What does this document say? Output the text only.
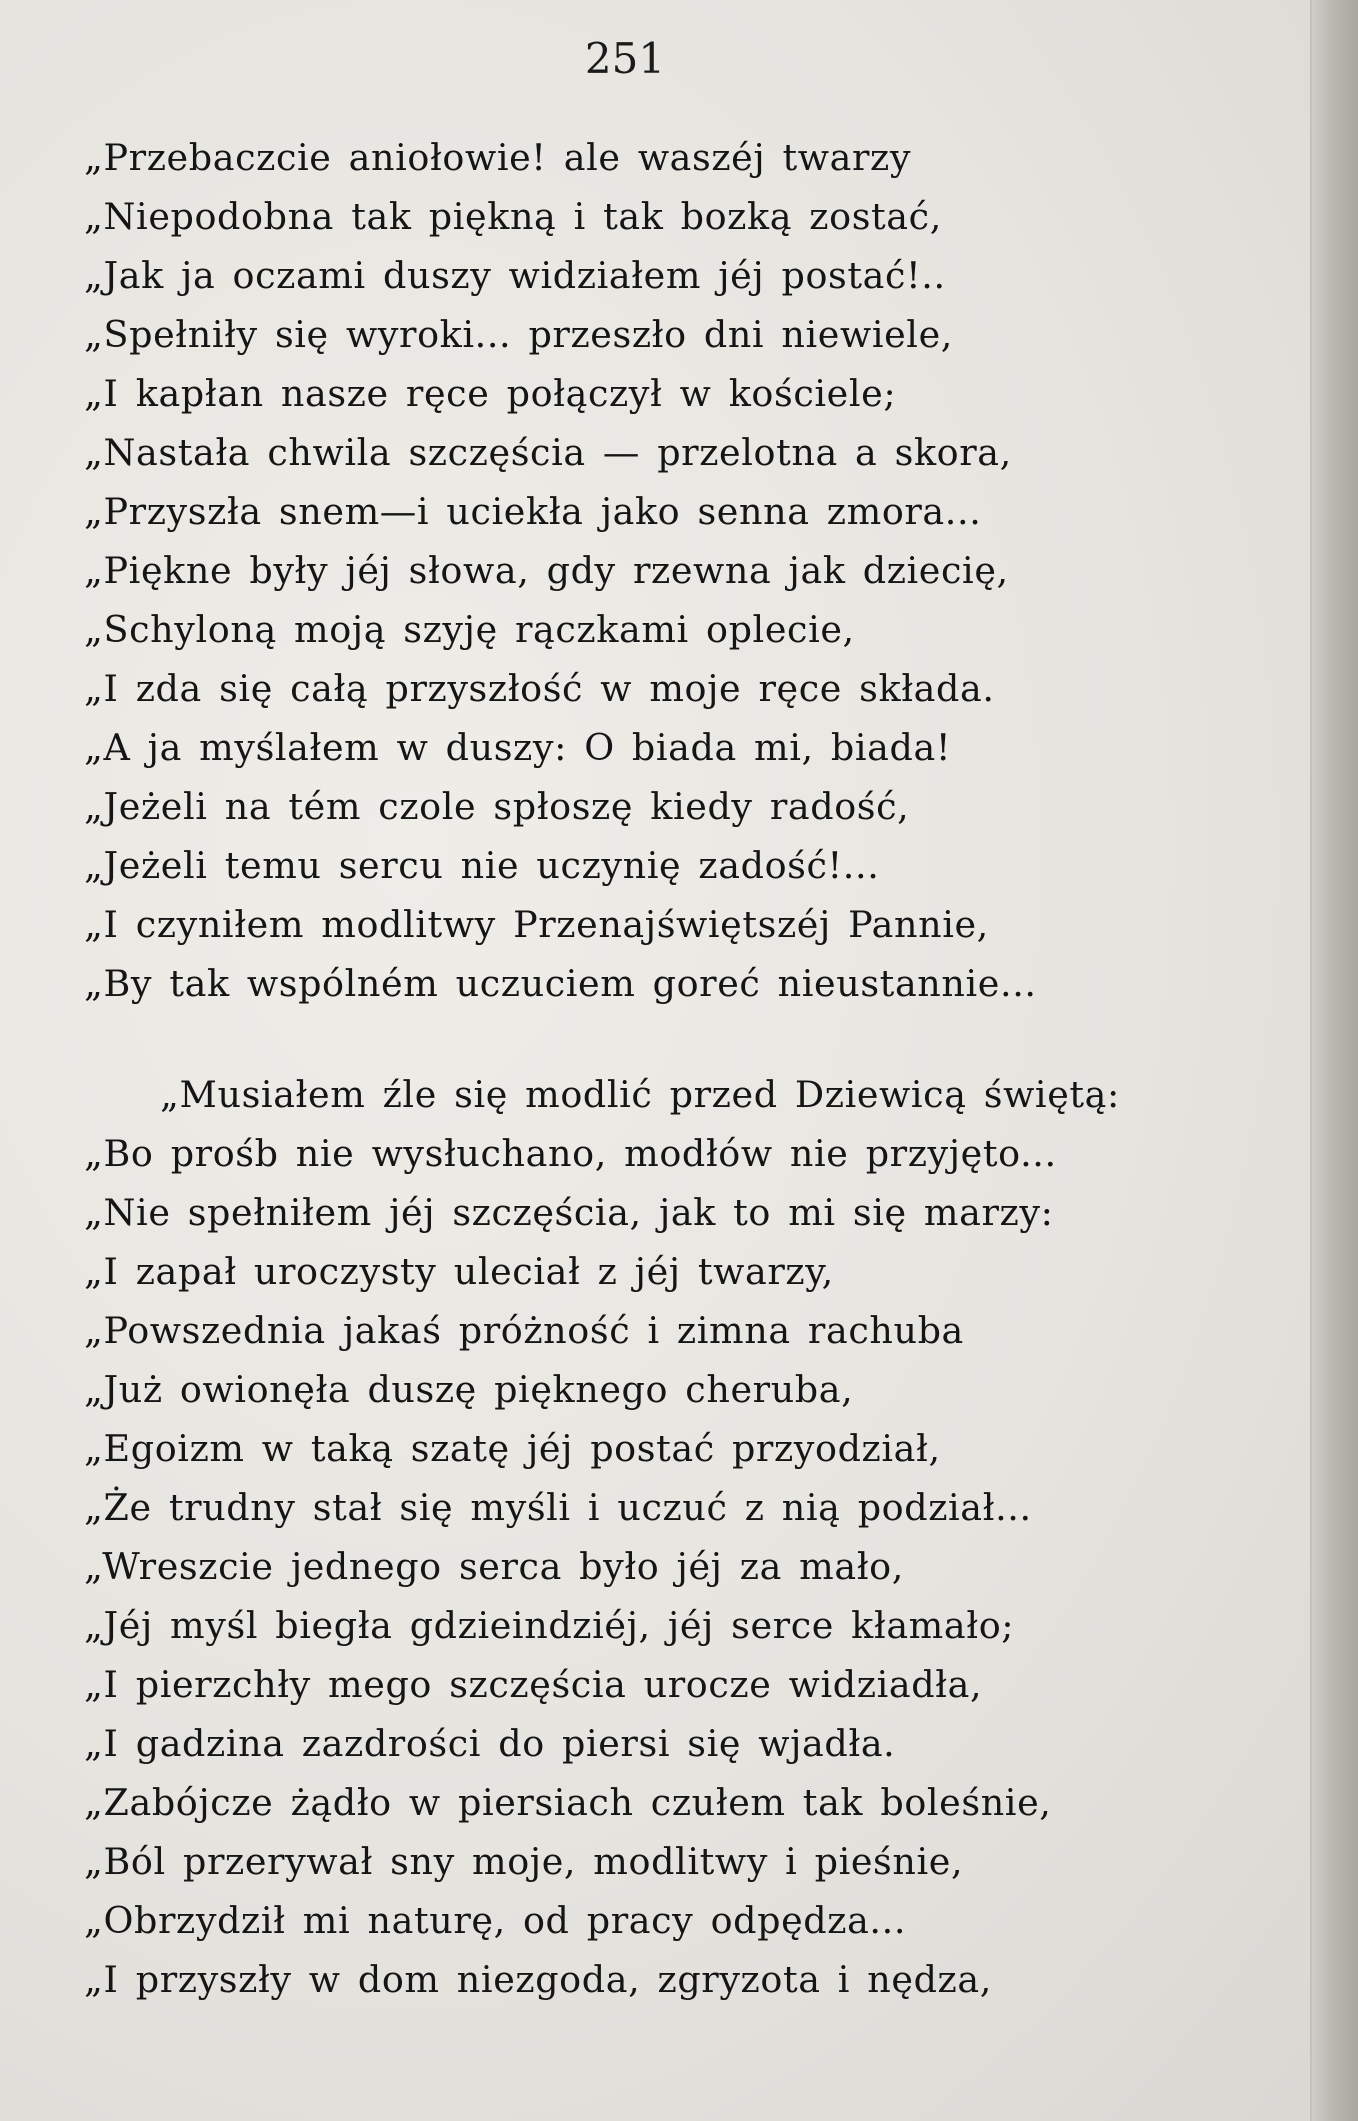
251
„Przebaczcie aniołowie! ale waszéj twarzy
„Niepodobna tak piękną i tak bozką zostać,
„Jak ja oczami duszy widziałem jéj postać!..
„Spełniły się wyroki... przeszło dni niewiele,
„I kapłan nasze ręce połączył w kościele;
„Nastała chwila szczęścia — przelotna a skora,
„Przyszła snem—i uciekła jako senna zmora...
„Piękne były jéj słowa, gdy rzewna jak dziecię,
„Schyloną moją szyję rączkami oplecie,
„I zda się całą przyszłość w moje ręce składa.
„A ja myślałem w duszy: O biada mi, biada!
„Jeżeli na tém czole spłoszę kiedy radość,
„Jeżeli temu sercu nie uczynię zadość!...
„I czyniłem modlitwy Przenajświętszéj Pannie,
„By tak wspólném uczuciem goreć nieustannie...
„Musiałem źle się modlić przed Dziewicą świętą:
„Bo prośb nie wysłuchano, modłów nie przyjęto...
„Nie spełniłem jéj szczęścia, jak to mi się marzy:
„I zapał uroczysty uleciał z jéj twarzy,
„Powszednia jakaś próżność i zimna rachuba
„Już owionęła duszę pięknego cheruba,
„Egoizm w taką szatę jéj postać przyodział,
„Że trudny stał się myśli i uczuć z nią podział...
„Wreszcie jednego serca było jéj za mało,
„Jéj myśl biegła gdzieindziéj, jéj serce kłamało;
„I pierzchły mego szczęścia urocze widziadła,
„I gadzina zazdrości do piersi się wjadła.
„Zabójcze żądło w piersiach czułem tak boleśnie,
„Ból przerywał sny moje, modlitwy i pieśnie,
„Obrzydził mi naturę, od pracy odpędza...
„I przyszły w dom niezgoda, zgryzota i nędza,
